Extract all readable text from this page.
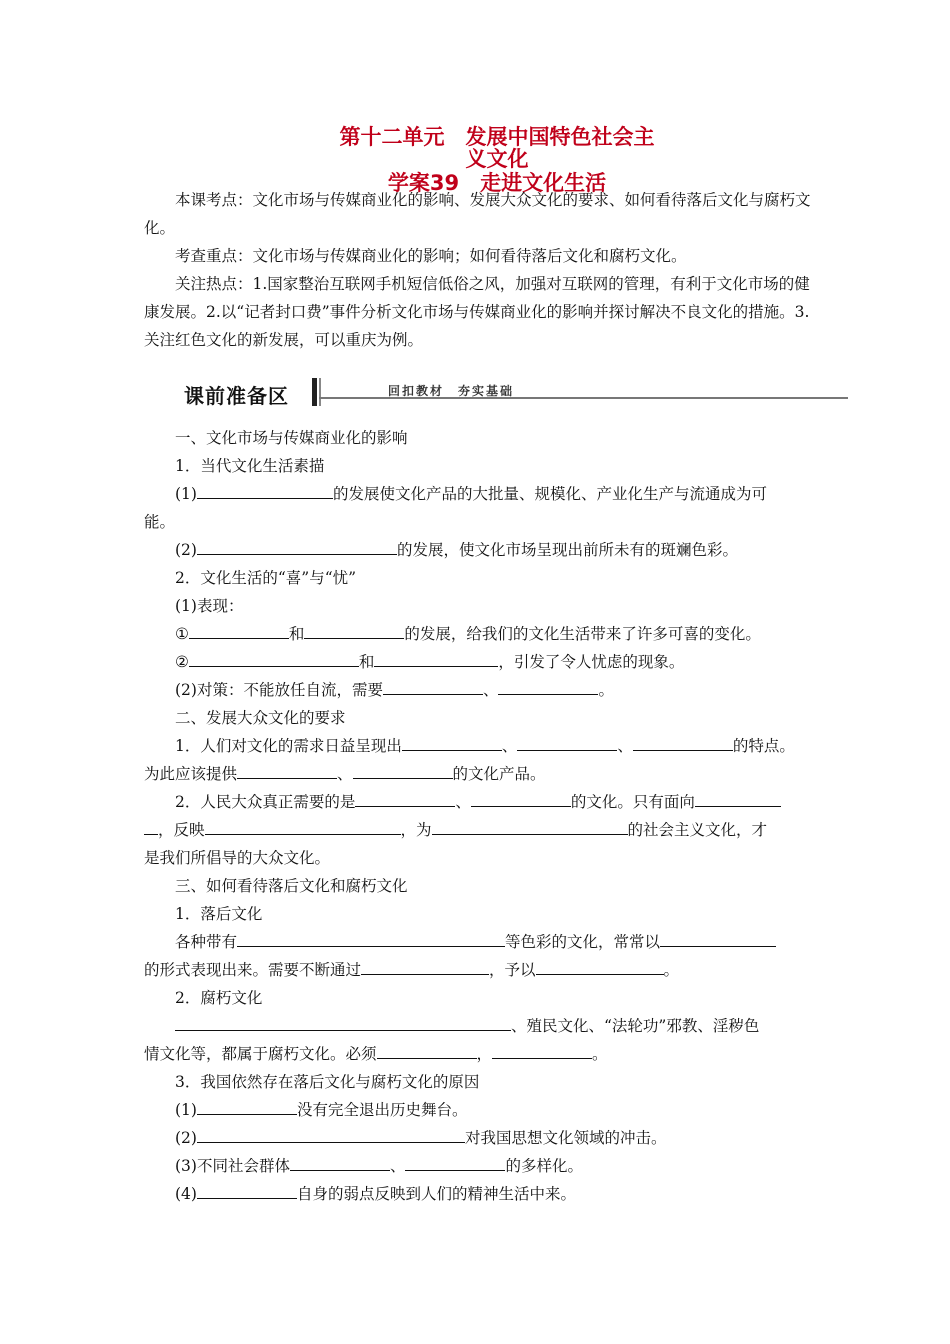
第十二单元　发展中国特色社会主
义文化
学案39　走进文化生活

本课考点：文化市场与传媒商业化的影响、发展大众文化的要求、如何看待落后文化与腐朽文化。

考查重点：文化市场与传媒商业化的影响；如何看待落后文化和腐朽文化。

关注热点：1.国家整治互联网手机短信低俗之风，加强对互联网的管理，有利于文化市场的健康发展。2.以“记者封口费”事件分析文化市场与传媒商业化的影响并探讨解决不良文化的措施。3.关注红色文化的新发展，可以重庆为例。

课前准备区	回扣教材　夯实基础
一、文化市场与传媒商业化的影响
1．当代文化生活素描
(1)	的发展使文化产品的大批量、规模化、产业化生产与流通成为可
能。
(2)	的发展，使文化市场呈现出前所未有的斑斓色彩。
2．文化生活的“喜”与“忧”
(1)表现：
①	和	的发展，给我们的文化生活带来了许多可喜的变化。
②	和	，引发了令人忧虑的现象。
(2)对策：不能放任自流，需要	、	。
二、发展大众文化的要求
1．人们对文化的需求日益呈现出	、	、	的特点。
为此应该提供	、	的文化产品。
2．人民大众真正需要的是	、	的文化。只有面向
，反映	，为	的社会主义文化，才
是我们所倡导的大众文化。
三、如何看待落后文化和腐朽文化
1．落后文化
各种带有	等色彩的文化，常常以
的形式表现出来。需要不断通过	，予以	。
2．腐朽文化
、殖民文化、“法轮功”邪教、淫秽色
情文化等，都属于腐朽文化。必须	，	。
3．我国依然存在落后文化与腐朽文化的原因
(1)	没有完全退出历史舞台。
(2)	对我国思想文化领域的冲击。
(3)不同社会群体	、	的多样化。
(4)	自身的弱点反映到人们的精神生活中来。
